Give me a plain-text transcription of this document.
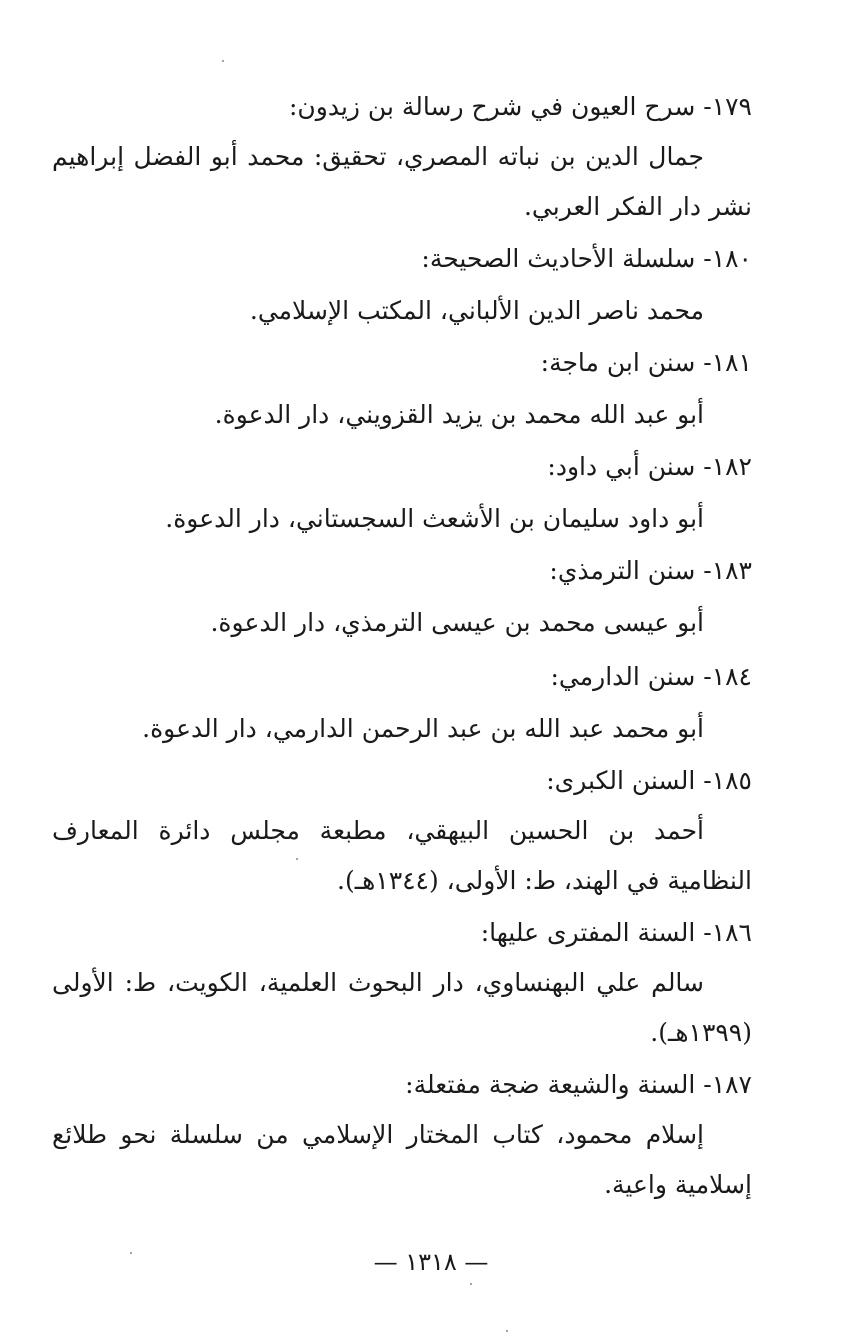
١٧٩- سرح العيون في شرح رسالة بن زيدون:
جمال الدين بن نباته المصري، تحقيق: محمد أبو الفضل إبراهيم نشر دار الفكر العربي.
١٨٠- سلسلة الأحاديث الصحيحة:
محمد ناصر الدين الألباني، المكتب الإسلامي.
١٨١- سنن ابن ماجة:
أبو عبد الله محمد بن يزيد القزويني، دار الدعوة.
١٨٢- سنن أبي داود:
أبو داود سليمان بن الأشعث السجستاني، دار الدعوة.
١٨٣- سنن الترمذي:
أبو عيسى محمد بن عيسى الترمذي، دار الدعوة.
١٨٤- سنن الدارمي:
أبو محمد عبد الله بن عبد الرحمن الدارمي، دار الدعوة.
١٨٥- السنن الكبرى:
أحمد بن الحسين البيهقي، مطبعة مجلس دائرة المعارف النظامية في الهند، ط: الأولى، (١٣٤٤هـ).
١٨٦- السنة المفترى عليها:
سالم علي البهنساوي، دار البحوث العلمية، الكويت، ط: الأولى (١٣٩٩هـ).
١٨٧- السنة والشيعة ضجة مفتعلة:
إسلام محمود، كتاب المختار الإسلامي من سلسلة نحو طلائع إسلامية واعية.
— ١٣١٨ —
